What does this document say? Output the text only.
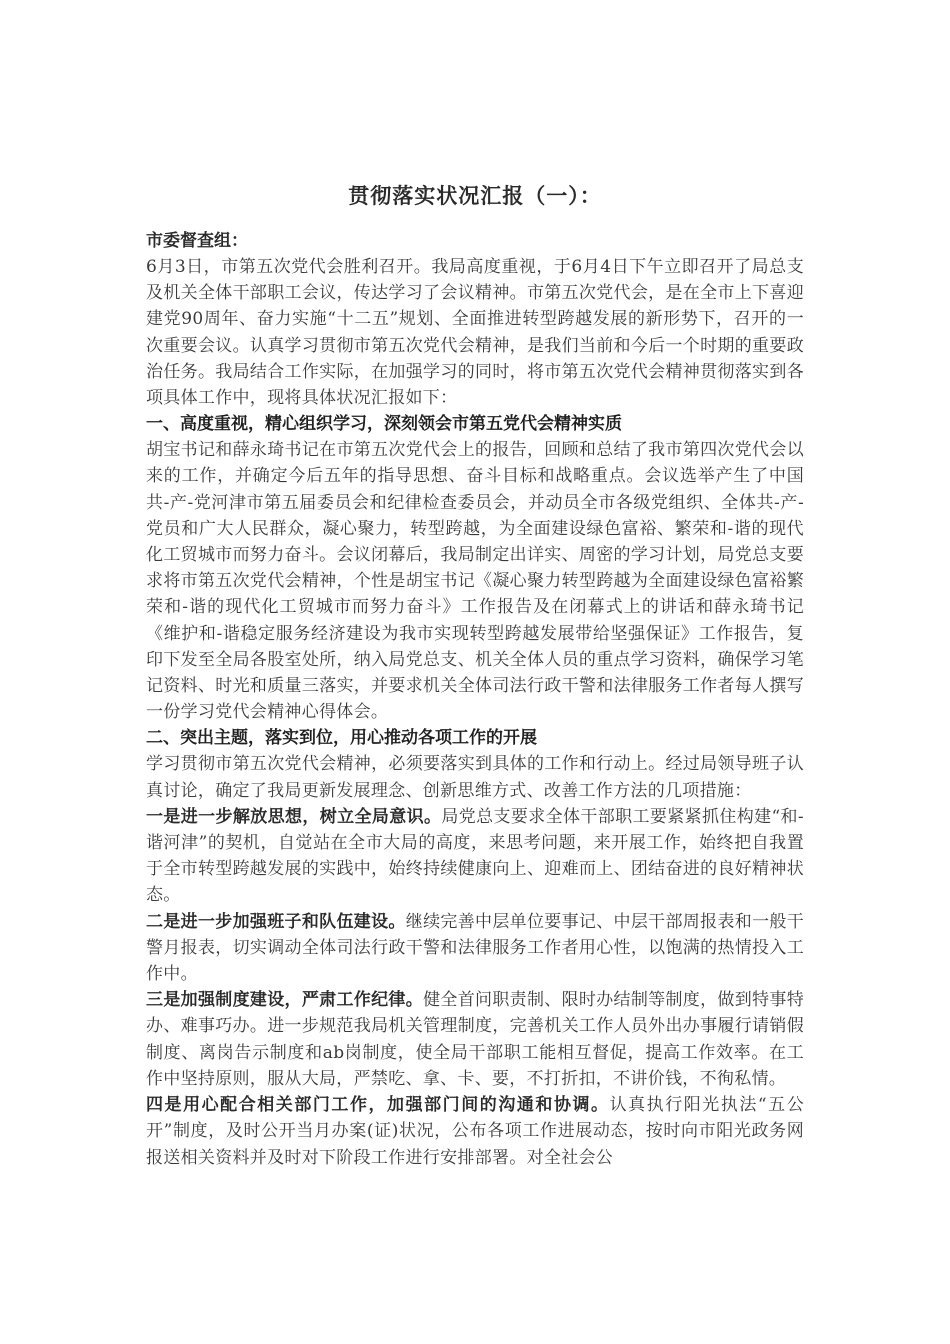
贯彻落实状况汇报（一）：
市委督查组：

6月3日，市第五次党代会胜利召开。我局高度重视，于6月4日下午立即召开了局总支及机关全体干部职工会议，传达学习了会议精神。市第五次党代会，是在全市上下喜迎建党90周年、奋力实施“十二五”规划、全面推进转型跨越发展的新形势下，召开的一次重要会议。认真学习贯彻市第五次党代会精神，是我们当前和今后一个时期的重要政治任务。我局结合工作实际，在加强学习的同时，将市第五次党代会精神贯彻落实到各项具体工作中，现将具体状况汇报如下：

一、高度重视，精心组织学习，深刻领会市第五党代会精神实质

胡宝书记和薛永琦书记在市第五次党代会上的报告，回顾和总结了我市第四次党代会以来的工作，并确定今后五年的指导思想、奋斗目标和战略重点。会议选举产生了中国共-产-党河津市第五届委员会和纪律检查委员会，并动员全市各级党组织、全体共-产-党员和广大人民群众，凝心聚力，转型跨越，为全面建设绿色富裕、繁荣和-谐的现代化工贸城市而努力奋斗。会议闭幕后，我局制定出详实、周密的学习计划，局党总支要求将市第五次党代会精神，个性是胡宝书记《凝心聚力转型跨越为全面建设绿色富裕繁荣和-谐的现代化工贸城市而努力奋斗》工作报告及在闭幕式上的讲话和薛永琦书记《维护和-谐稳定服务经济建设为我市实现转型跨越发展带给坚强保证》工作报告，复印下发至全局各股室处所，纳入局党总支、机关全体人员的重点学习资料，确保学习笔记资料、时光和质量三落实，并要求机关全体司法行政干警和法律服务工作者每人撰写一份学习党代会精神心得体会。

二、突出主题，落实到位，用心推动各项工作的开展

学习贯彻市第五次党代会精神，必须要落实到具体的工作和行动上。经过局领导班子认真讨论，确定了我局更新发展理念、创新思维方式、改善工作方法的几项措施：

一是进一步解放思想，树立全局意识。局党总支要求全体干部职工要紧紧抓住构建“和-谐河津”的契机，自觉站在全市大局的高度，来思考问题，来开展工作，始终把自我置于全市转型跨越发展的实践中，始终持续健康向上、迎难而上、团结奋进的良好精神状态。

二是进一步加强班子和队伍建设。继续完善中层单位要事记、中层干部周报表和一般干警月报表，切实调动全体司法行政干警和法律服务工作者用心性，以饱满的热情投入工作中。

三是加强制度建设，严肃工作纪律。健全首问职责制、限时办结制等制度，做到特事特办、难事巧办。进一步规范我局机关管理制度，完善机关工作人员外出办事履行请销假制度、离岗告示制度和ab岗制度，使全局干部职工能相互督促，提高工作效率。在工作中坚持原则，服从大局，严禁吃、拿、卡、要，不打折扣，不讲价钱，不徇私情。

四是用心配合相关部门工作，加强部门间的沟通和协调。认真执行阳光执法“五公开”制度，及时公开当月办案(证)状况，公布各项工作进展动态，按时向市阳光政务网报送相关资料并及时对下阶段工作进行安排部署。对全社会公
